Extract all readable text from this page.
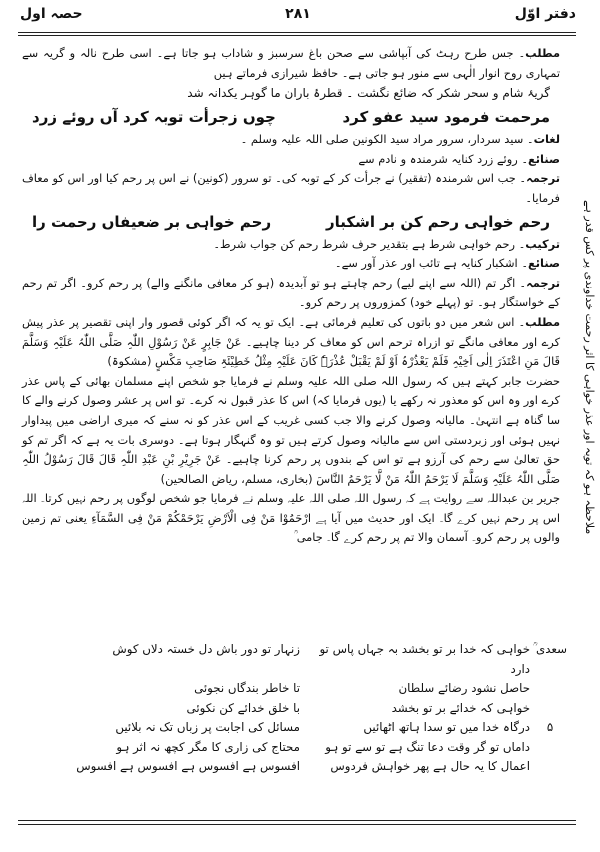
دفتر اوّل
۲۸۱
حصہ اول

مطلب۔ جس طرح رہٹ کی آبپاشی سے صحن باغ سرسبز و شاداب ہو جاتا ہے۔ اسی طرح نالہ و گریہ سے تمہاری روح انوار الٰہی سے منور ہو جاتی ہے۔ حافظ شیرازی فرماتے ہیں

گریۂ شام و سحر شکر کہ ضائع نگشت ۔ قطرۂ باران ما گوہر یکدانہ شد
مرحمت فرمود سید عفو کرد
چوں زجرأت توبہ کرد آں روئے زرد

لغات۔ سید سردار، سرور مراد سید الکونین صلی اللہ علیہ وسلم ۔

صنائع۔ روئے زرد کنایہ شرمندہ و نادم سے

ترجمہ۔ جب اس شرمندہ (تفقیر) نے جرأت کر کے توبہ کی۔ تو سرور (کونین) نے اس پر رحم کیا اور اس کو معاف فرمایا۔

رحم خواہی رحم کن بر اشکبار
رحم خواہی بر ضعیفاں رحمت را

ترکیب۔ رحم خواہی شرط ہے بتقدیر حرف شرط رحم کن جواب شرط۔

صنائع۔ اشکبار کنایہ ہے تائب اور عذر آور سے۔

ترجمہ۔ اگر تم (اللہ سے اپنے لیے) رحم چاہتے ہو تو آبدیدہ (ہو کر معافی مانگنے والے) پر رحم کرو۔ اگر تم رحم کے خواستگار ہو۔ تو (پہلے خود) کمزوروں پر رحم کرو۔

مطلب۔ اس شعر میں دو باتوں کی تعلیم فرمائی ہے۔ ایک تو یہ کہ اگر کوئی قصور وار اپنی تقصیر پر عذر پیش کرے اور معافی مانگے تو ازراہ ترحم اس کو معاف کر دینا چاہیے۔ عَنْ جَابِرٍ عَنْ رَسُوْلِ اللّٰہِ صَلَّی اللّٰہُ عَلَیْہِ وَسَلَّمَ قَالَ مَنِ اعْتَذَرَ اِلٰی اَخِیْہِ فَلَمْ یَعْذُرْہُ اَوْ لَمْ یَقْبَلْ عُذْرَہٗ کَانَ عَلَیْہِ مِثْلُ خَطِیْئَۃِ صَاحِبِ مَکْسٍ (مشکوۃ)

حضرت جابر کہتے ہیں کہ رسول اللہ صلی اللہ علیہ وسلم نے فرمایا جو شخص اپنے مسلمان بھائی کے پاس عذر کرے اور وہ اس کو معذور نہ رکھے یا (یوں فرمایا کہ) اس کا عذر قبول نہ کرے۔ تو اس پر عشر وصول کرنے والے کا سا گناہ ہے انتہیٰ۔ مالیانہ وصول کرنے والا جب کسی غریب کے اس عذر کو نہ سنے کہ میری اراضی میں پیداوار نہیں ہوئی اور زبردستی اس سے مالیانہ وصول کرتے ہیں تو وہ گنہگار ہوتا ہے۔ دوسری بات یہ ہے کہ اگر تم کو حق تعالیٰ سے رحم کی آرزو ہے تو اس کے بندوں پر رحم کرنا چاہیے۔ عَنْ جَرِیْرِ بْنِ عَبْدِ اللّٰہِ قَالَ قَالَ رَسُوْلُ اللّٰہِ صَلَّی اللّٰہُ عَلَیْہِ وَسَلَّمَ لَا یَرْحَمُ اللّٰہُ مَنْ لَّا یَرْحَمُ النَّاسَ (بخاری، مسلم، ریاض الصالحین)

جریر بن عبداللہ سے روایت ہے کہ رسول اللہ صلی اللہ علیہ وسلم نے فرمایا جو شخص لوگوں پر رحم نہیں کرتا۔ اللہ اس پر رحم نہیں کرے گا۔ ایک اور حدیث میں آیا ہے ارْحَمُوْا مَنْ فِی الْاَرْضِ یَرْحَمْکُمْ مَنْ فِی السَّمَآءِ یعنی تم زمین والوں پر رحم کرو۔ آسمان والا تم پر رحم کرے گا۔ جامی ؒ

ملاحظہ ہو کہ توبہ اور عذر خواہی کا اثر رحمت خداوندی پر کس قدر ہے
سعدی ؒ
خواہی کہ خدا بر تو بخشد بہ جہاں پاس تو دارد
زنہار تو دور باش دل خستہ دلاں کوش
حاصل نشود رضائے سلطان
تا خاطر بندگاں نجوئی
خواہی کہ خدائے بر تو بخشد
با خلق خدائے کن نکوئی
۵
درگاہ خدا میں تو سدا ہاتھ اٹھائیں
مسائل کی اجابت پر زباں تک نہ بلائیں
داماں تو گر وقت دعا تنگ ہے تو سے تو ہو
محتاج کی زاری کا مگر کچھ نہ اثر ہو
اعمال کا یہ حال ہے پھر خواہش فردوس
افسوس ہے افسوس ہے افسوس ہے افسوس
